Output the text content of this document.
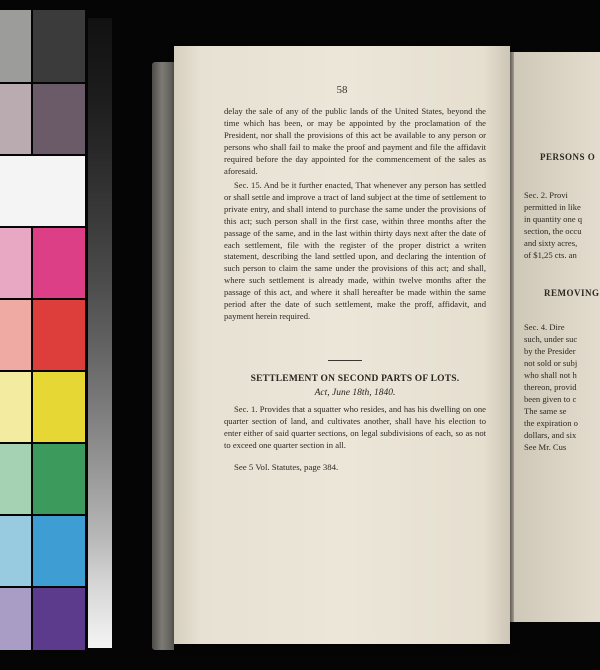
58

delay the sale of any of the public lands of the United States, beyond the time which has been, or may be appointed by the proclamation of the President, nor shall the provisions of this act be available to any person or persons who shall fail to make the proof and payment and file the affidavit required before the day appointed for the commencement of the sales as aforesaid.

Sec. 15. And be it further enacted, That whenever any person has settled or shall settle and improve a tract of land subject at the time of settlement to private entry, and shall intend to purchase the same under the provisions of this act; such person shall in the first case, within three months after the passage of the same, and in the last within thirty days next after the date of each settlement, file with the register of the proper district a writen statement, describing the land settled upon, and declaring the intention of such person to claim the same under the provisions of this act; and shall, where such settlement is already made, within twelve months after the passage of this act, and where it shall hereafter be made within the same period after the date of such settlement, make the proff, affidavit, and payment herein required.

SETTLEMENT ON SECOND PARTS OF LOTS.
Act, June 18th, 1840.

Sec. 1. Provides that a squatter who resides, and has his dwelling on one quarter section of land, and cultivates another, shall have his election to enter either of said quarter sections, on legal subdivisions of each, so as not to exceed one quarter section in all.

See 5 Vol. Statutes, page 384.
PERSONS O
Sec. 2. Provi
permitted in like
in quantity one q
section, the occu
and sixty acres,
of $1,25 cts. an
REMOVING
Sec. 4. Dire
such, under suc
by the Presider
not sold or subj
who shall not h
thereon, provid
been given to c
The same se
the expiration o
dollars, and six
See Mr. Cus
